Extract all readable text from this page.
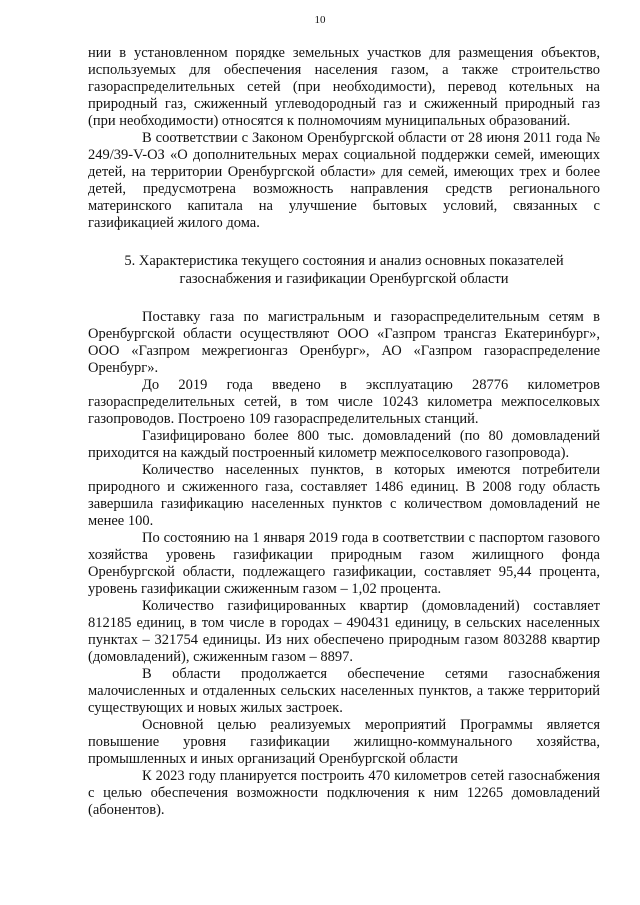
10

нии в установленном порядке земельных участков для размещения объектов, используемых для обеспечения населения газом, а также строительство газораспределительных сетей (при необходимости), перевод котельных на природный газ, сжиженный углеводородный газ и сжиженный природный газ (при необходимости) относятся к полномочиям муниципальных образований.

В соответствии с Законом Оренбургской области от 28 июня 2011 года № 249/39-V-ОЗ «О дополнительных мерах социальной поддержки семей, имеющих детей, на территории Оренбургской области» для семей, имеющих трех и более детей, предусмотрена возможность направления средств регионального материнского капитала на улучшение бытовых условий, связанных с газификацией жилого дома.

5. Характеристика текущего состояния и анализ основных показателей
газоснабжения и газификации Оренбургской области

Поставку газа по магистральным и газораспределительным сетям в Оренбургской области осуществляют ООО «Газпром трансгаз Екатеринбург», ООО «Газпром межрегионгаз Оренбург», АО «Газпром газораспределение Оренбург».

До 2019 года введено в эксплуатацию 28776 километров газораспределительных сетей, в том числе 10243 километра межпоселковых газопроводов. Построено 109 газораспределительных станций.

Газифицировано более 800 тыс. домовладений (по 80 домовладений приходится на каждый построенный километр межпоселкового газопровода).

Количество населенных пунктов, в которых имеются потребители природного и сжиженного газа, составляет 1486 единиц. В 2008 году область завершила газификацию населенных пунктов с количеством домовладений не менее 100.

По состоянию на 1 января 2019 года в соответствии с паспортом газового хозяйства уровень газификации природным газом жилищного фонда Оренбургской области, подлежащего газификации, составляет 95,44 процента, уровень газификации сжиженным газом – 1,02 процента.

Количество газифицированных квартир (домовладений) составляет 812185 единиц, в том числе в городах – 490431 единицу, в сельских населенных пунктах – 321754 единицы. Из них обеспечено природным газом 803288 квартир (домовладений), сжиженным газом – 8897.

В области продолжается обеспечение сетями газоснабжения малочисленных и отдаленных сельских населенных пунктов, а также территорий существующих и новых жилых застроек.

Основной целью реализуемых мероприятий Программы является повышение уровня газификации жилищно-коммунального хозяйства, промышленных и иных организаций Оренбургской области

К 2023 году планируется построить 470 километров сетей газоснабжения с целью обеспечения возможности подключения к ним 12265 домовладений (абонентов).
